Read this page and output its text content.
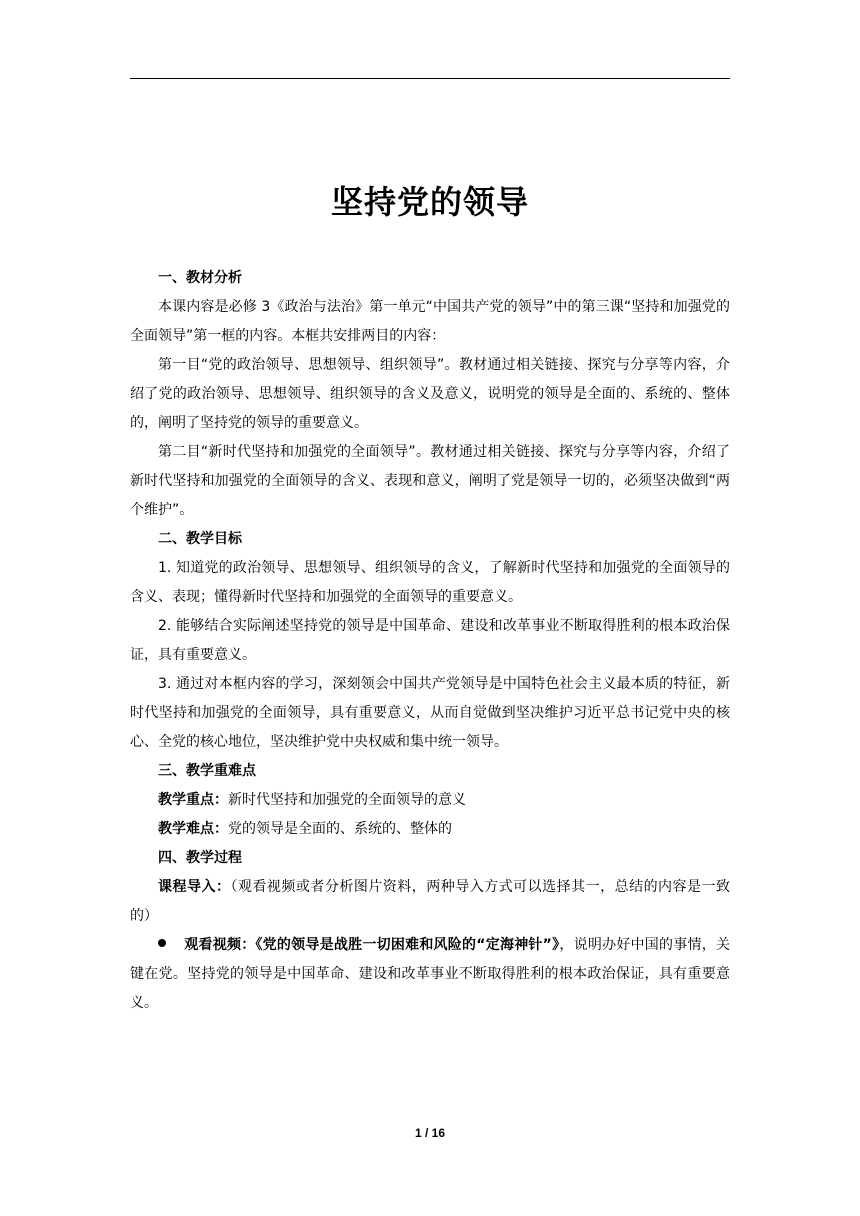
坚持党的领导

一、教材分析

本课内容是必修 3《政治与法治》第一单元“中国共产党的领导”中的第三课“坚持和加强党的全面领导”第一框的内容。本框共安排两目的内容：

第一目“党的政治领导、思想领导、组织领导”。教材通过相关链接、探究与分享等内容，介绍了党的政治领导、思想领导、组织领导的含义及意义，说明党的领导是全面的、系统的、整体的，阐明了坚持党的领导的重要意义。

第二目“新时代坚持和加强党的全面领导”。教材通过相关链接、探究与分享等内容，介绍了新时代坚持和加强党的全面领导的含义、表现和意义，阐明了党是领导一切的，必须坚决做到“两个维护”。

二、教学目标

1. 知道党的政治领导、思想领导、组织领导的含义，了解新时代坚持和加强党的全面领导的含义、表现；懂得新时代坚持和加强党的全面领导的重要意义。

2. 能够结合实际阐述坚持党的领导是中国革命、建设和改革事业不断取得胜利的根本政治保证，具有重要意义。

3. 通过对本框内容的学习，深刻领会中国共产党领导是中国特色社会主义最本质的特征，新时代坚持和加强党的全面领导，具有重要意义，从而自觉做到坚决维护习近平总书记党中央的核心、全党的核心地位，坚决维护党中央权威和集中统一领导。

三、教学重难点

教学重点：新时代坚持和加强党的全面领导的意义

教学难点：党的领导是全面的、系统的、整体的

四、教学过程

课程导入：（观看视频或者分析图片资料，两种导入方式可以选择其一，总结的内容是一致的）

观看视频：《党的领导是战胜一切困难和风险的“定海神针”》，说明办好中国的事情，关键在党。坚持党的领导是中国革命、建设和改革事业不断取得胜利的根本政治保证，具有重要意义。

1 / 16
